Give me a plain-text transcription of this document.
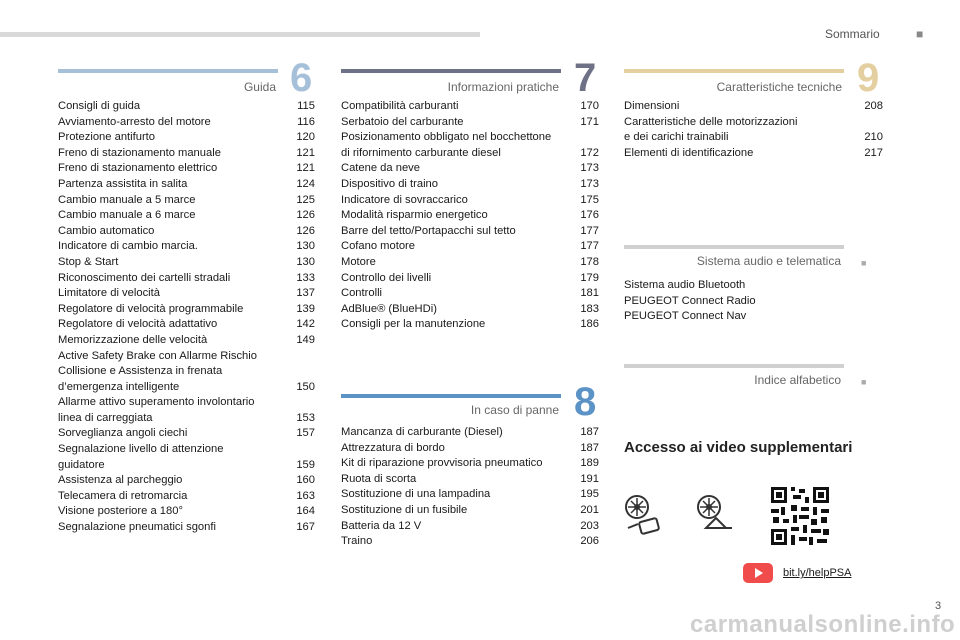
Sommario	■
Guida 6
Consigli di guida	115
Avviamento-arresto del motore	116
Protezione antifurto	120
Freno di stazionamento manuale	121
Freno di stazionamento elettrico	121
Partenza assistita in salita	124
Cambio manuale a 5 marce	125
Cambio manuale a 6 marce	126
Cambio automatico	126
Indicatore di cambio marcia.	130
Stop & Start	130
Riconoscimento dei cartelli stradali	133
Limitatore di velocità	137
Regolatore di velocità programmabile	139
Regolatore di velocità adattativo	142
Memorizzazione delle velocità	149
Active Safety Brake con Allarme Rischio
Collisione e Assistenza in frenata
d’emergenza intelligente	150
Allarme attivo superamento involontario
linea di carreggiata	153
Sorveglianza angoli ciechi	157
Segnalazione livello di attenzione
guidatore	159
Assistenza al parcheggio	160
Telecamera di retromarcia	163
Visione posteriore a 180°	164
Segnalazione pneumatici sgonfi	167
Informazioni pratiche 7
Compatibilità carburanti	170
Serbatoio del carburante	171
Posizionamento obbligato nel bocchettone
di rifornimento carburante diesel	172
Catene da neve	173
Dispositivo di traino	173
Indicatore di sovraccarico	175
Modalità risparmio energetico	176
Barre del tetto/Portapacchi sul tetto	177
Cofano motore	177
Motore	178
Controllo dei livelli	179
Controlli	181
AdBlue® (BlueHDi)	183
Consigli per la manutenzione	186
In caso di panne 8
Mancanza di carburante (Diesel)	187
Attrezzatura di bordo	187
Kit di riparazione provvisoria pneumatico	189
Ruota di scorta	191
Sostituzione di una lampadina	195
Sostituzione di un fusibile	201
Batteria da 12 V	203
Traino	206
Caratteristiche tecniche 9
Dimensioni	208
Caratteristiche delle motorizzazioni
e dei carichi trainabili	210
Elementi di identificazione	217
Sistema audio e telematica ■
Sistema audio Bluetooth
PEUGEOT Connect Radio
PEUGEOT Connect Nav
Indice alfabetico ■
Accesso ai video supplementari
bit.ly/helpPSA
3
carmanualsonline.info
